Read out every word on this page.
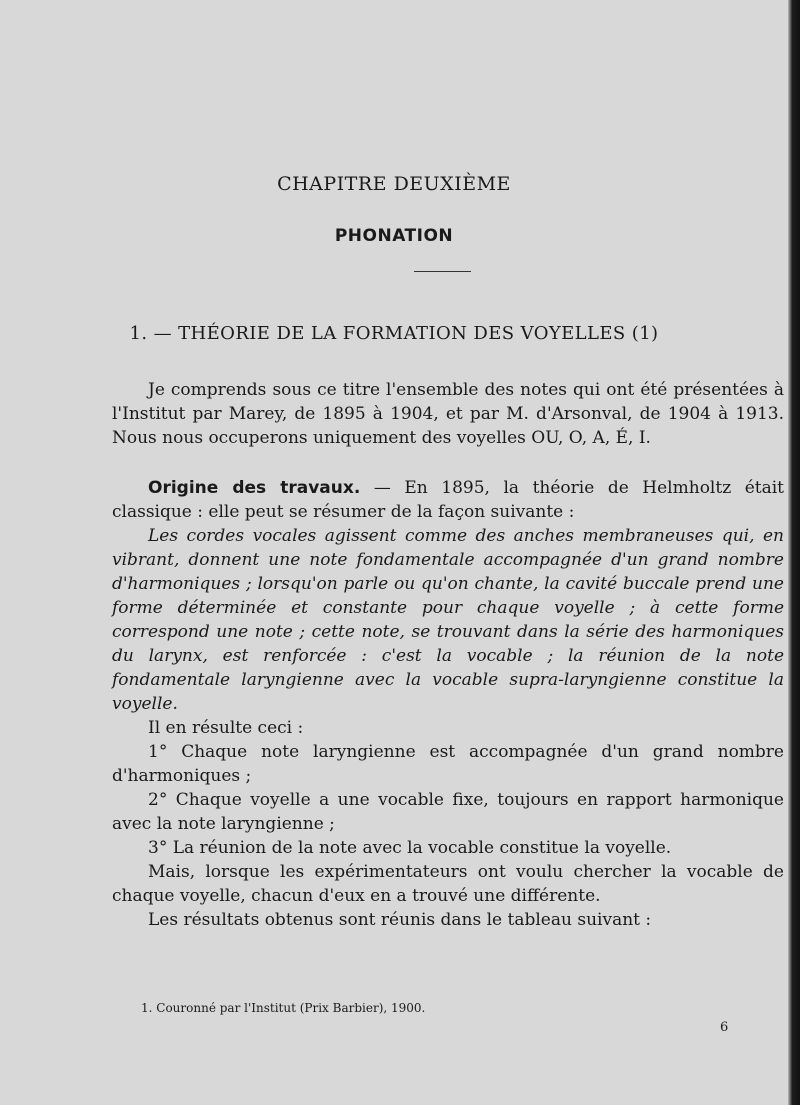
CHAPITRE DEUXIÈME
PHONATION
1. — THÉORIE DE LA FORMATION DES VOYELLES (1)

Je comprends sous ce titre l'ensemble des notes qui ont été présentées à l'Institut par Marey, de 1895 à 1904, et par M. d'Arsonval, de 1904 à 1913. Nous nous occuperons uniquement des voyelles OU, O, A, É, I.

Origine des travaux. — En 1895, la théorie de Helmholtz était classique : elle peut se résumer de la façon suivante :

Les cordes vocales agissent comme des anches membraneuses qui, en vibrant, donnent une note fondamentale accompagnée d'un grand nombre d'harmoniques ; lorsqu'on parle ou qu'on chante, la cavité buccale prend une forme déterminée et constante pour chaque voyelle ; à cette forme correspond une note ; cette note, se trouvant dans la série des harmoniques du larynx, est renforcée : c'est la vocable ; la réunion de la note fondamentale laryngienne avec la vocable supra-laryngienne constitue la voyelle.

Il en résulte ceci :

1° Chaque note laryngienne est accompagnée d'un grand nombre d'harmoniques ;

2° Chaque voyelle a une vocable fixe, toujours en rapport harmonique avec la note laryngienne ;

3° La réunion de la note avec la vocable constitue la voyelle.

Mais, lorsque les expérimentateurs ont voulu chercher la vocable de chaque voyelle, chacun d'eux en a trouvé une différente.

Les résultats obtenus sont réunis dans le tableau suivant :

1. Couronné par l'Institut (Prix Barbier), 1900.
6
